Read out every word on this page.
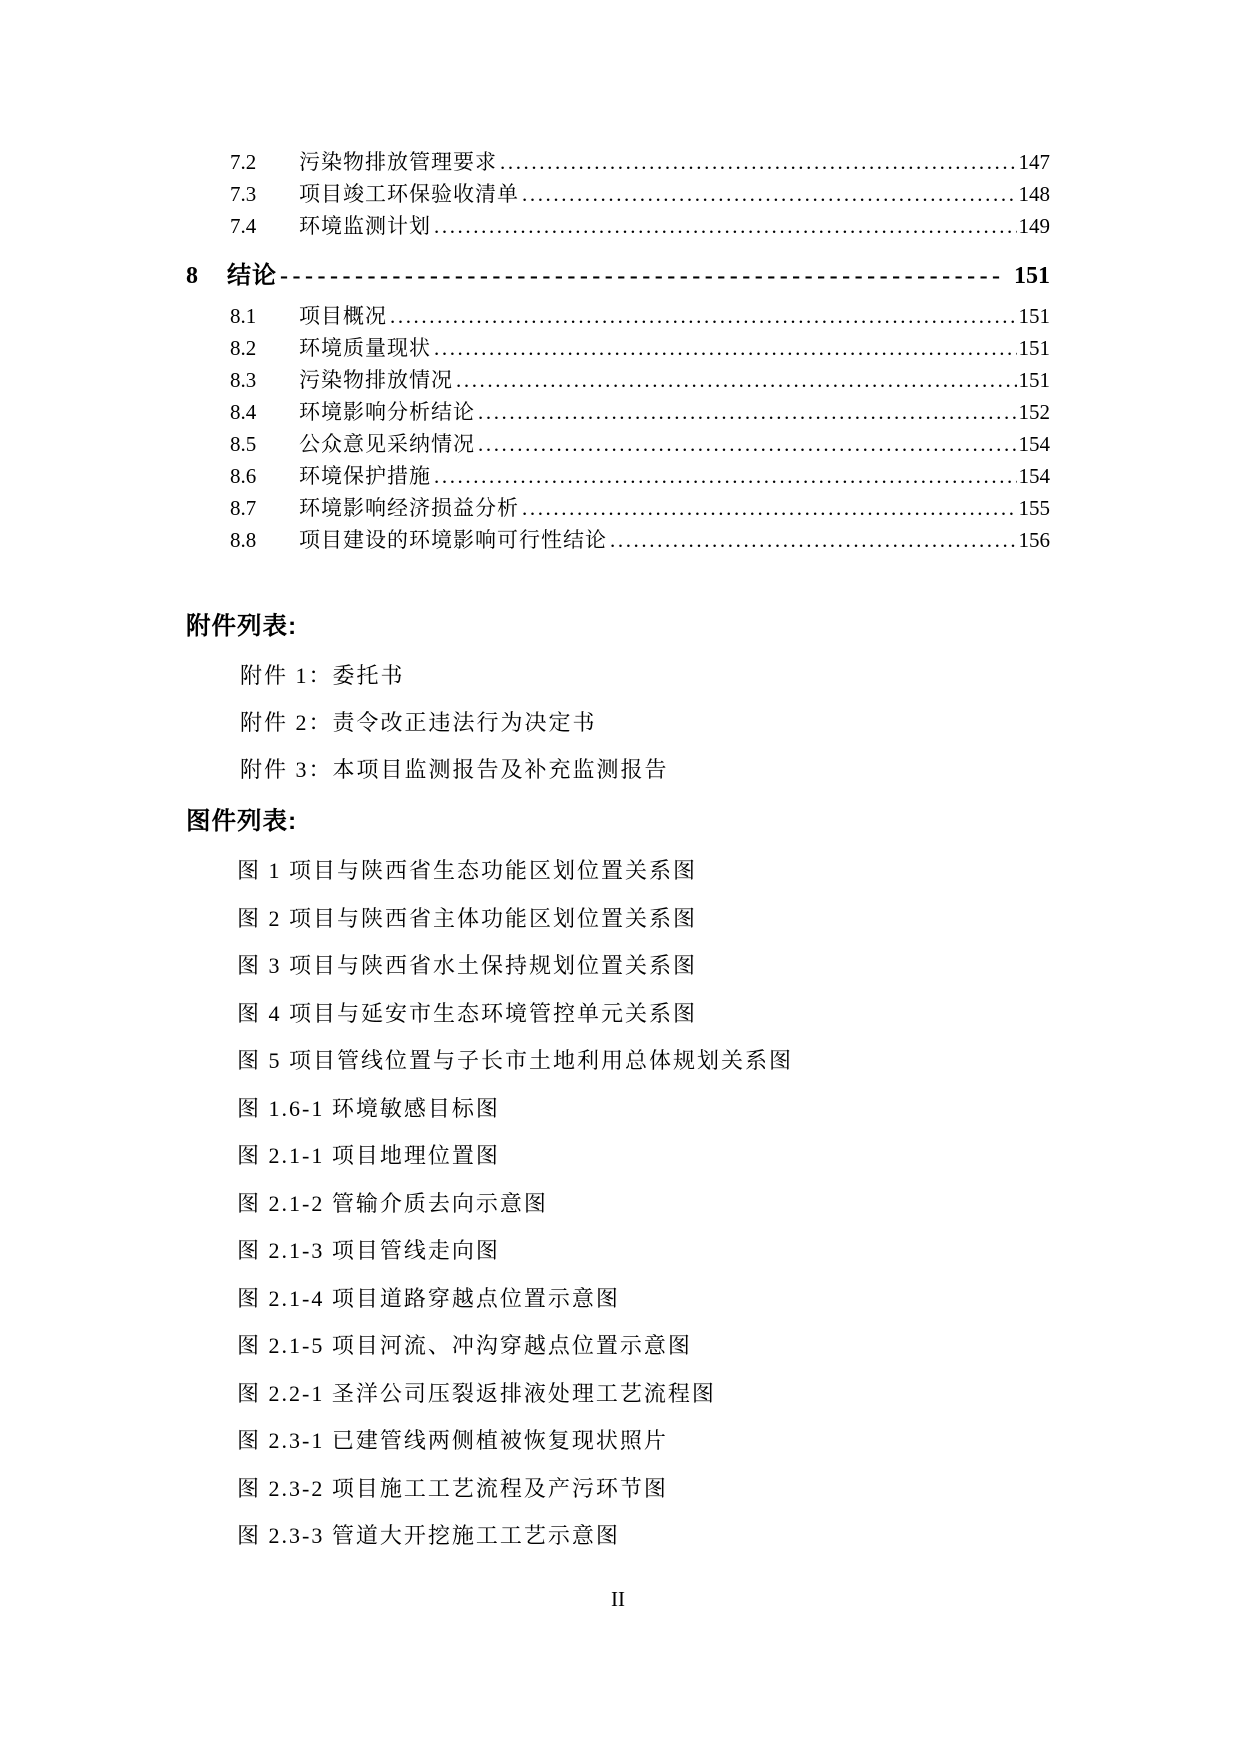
7.2	污染物排放管理要求 .....	147
7.3	项目竣工环保验收清单 .....	148
7.4	环境监测计划 .....	149
8	结论 -----	151
8.1	项目概况 .....	151
8.2	环境质量现状 .....	151
8.3	污染物排放情况 .....	151
8.4	环境影响分析结论 .....	152
8.5	公众意见采纳情况 .....	154
8.6	环境保护措施 .....	154
8.7	环境影响经济损益分析 .....	155
8.8	项目建设的环境影响可行性结论 .....	156
附件列表:
附件 1：委托书
附件 2：责令改正违法行为决定书
附件 3：本项目监测报告及补充监测报告
图件列表:
图 1 项目与陕西省生态功能区划位置关系图
图 2 项目与陕西省主体功能区划位置关系图
图 3 项目与陕西省水土保持规划位置关系图
图 4 项目与延安市生态环境管控单元关系图
图 5 项目管线位置与子长市土地利用总体规划关系图
图 1.6-1 环境敏感目标图
图 2.1-1 项目地理位置图
图 2.1-2 管输介质去向示意图
图 2.1-3 项目管线走向图
图 2.1-4 项目道路穿越点位置示意图
图 2.1-5 项目河流、冲沟穿越点位置示意图
图 2.2-1 圣洋公司压裂返排液处理工艺流程图
图 2.3-1 已建管线两侧植被恢复现状照片
图 2.3-2 项目施工工艺流程及产污环节图
图 2.3-3 管道大开挖施工工艺示意图
II
